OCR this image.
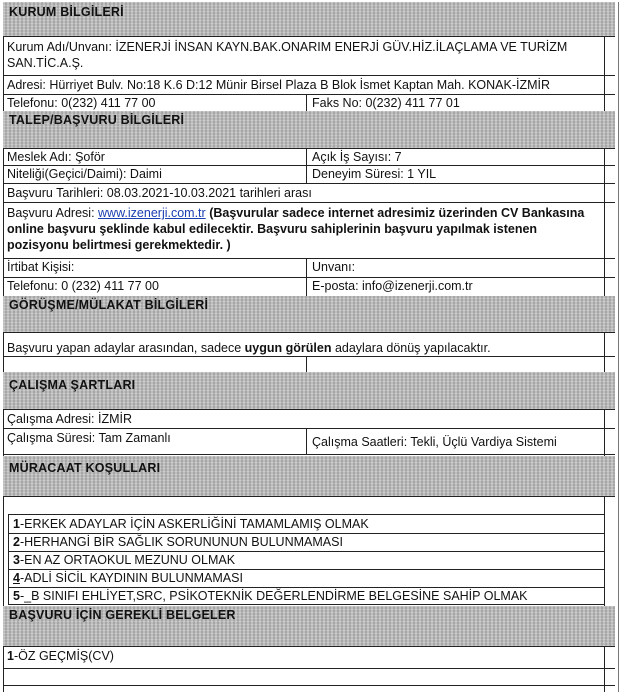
KURUM BİLGİLERİ
Kurum Adı/Unvanı: İZENERJİ İNSAN KAYN.BAK.ONARIM ENERJİ GÜV.HİZ.İLAÇLAMA VE TURİZM
SAN.TİC.A.Ş.
Adresi: Hürriyet Bulv. No:18 K.6 D:12 Münir Birsel Plaza B Blok İsmet Kaptan Mah. KONAK-İZMİR
Telefonu: 0(232) 411 77 00	Faks No: 0(232) 411 77 01
TALEP/BAŞVURU BİLGİLERİ
Meslek Adı: Şoför	Açık İş Sayısı: 7
Niteliği(Geçici/Daimi): Daimi	Deneyim Süresi: 1 YIL
Başvuru Tarihleri: 08.03.2021-10.03.2021 tarihleri arası
Başvuru Adresi: www.izenerji.com.tr (Başvurular sadece internet adresimiz üzerinden CV Bankasına online başvuru şeklinde kabul edilecektir. Başvuru sahiplerinin başvuru yapılmak istenen pozisyonu belirtmesi gerekmektedir. )
İrtibat Kişisi:	Unvanı:
Telefonu: 0 (232) 411 77 00	E-posta: info@izenerji.com.tr
GÖRÜŞME/MÜLAKAT BİLGİLERİ
Başvuru yapan adaylar arasından, sadece uygun görülen adaylara dönüş yapılacaktır.
ÇALIŞMA ŞARTLARI
Çalışma Adresi: İZMİR
Çalışma Süresi: Tam Zamanlı	Çalışma Saatleri: Tekli, Üçlü Vardiya Sistemi
MÜRACAAT KOŞULLARI
1-ERKEK ADAYLAR İÇİN ASKERLİĞİNİ TAMAMLAMIŞ OLMAK
2-HERHANGİ BİR SAĞLIK SORUNUNUN BULUNMAMASI
3-EN AZ ORTAOKUL MEZUNU OLMAK
4-ADLİ SİCİL KAYDININ BULUNMAMASI
5-_B SINIFI EHLİYET,SRC, PSİKOTEKNİK DEĞERLENDİRME BELGESİNE SAHİP OLMAK
BAŞVURU İÇİN GEREKLİ BELGELER
1-ÖZ GEÇMİŞ(CV)
